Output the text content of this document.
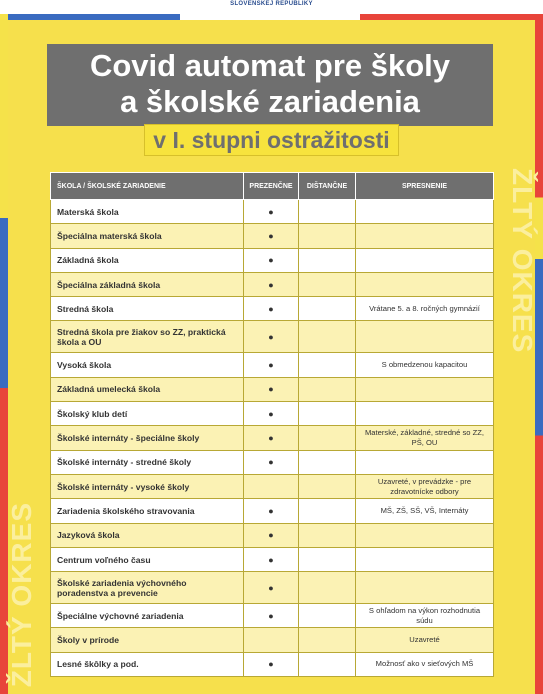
SLOVENSKEJ REPUBLIKY
Covid automat pre školy
a školské zariadenia
v I. stupni ostražitosti
ŽLTÝ OKRES
ŽLTÝ OKRES
ŠKOLA / ŠKOLSKÉ ZARIADENIE	PREZENČNE	DIŠTANČNE	SPRESNENIE
Materská škola	●		
Špeciálna materská škola	●		
Základná škola	●		
Špeciálna základná škola	●		
Stredná škola	●		Vrátane 5. a 8. ročných gymnázií
Stredná škola pre žiakov so ZZ, praktická škola a OU	●		
Vysoká škola	●		S obmedzenou kapacitou
Základná umelecká škola	●		
Školský klub detí	●		
Školské internáty - špeciálne školy	●		Materské, základné, stredné so ZZ, PŠ, OU
Školské internáty - stredné školy	●		
Školské internáty - vysoké školy			Uzavreté, v prevádzke - pre zdravotnícke odbory
Zariadenia školského stravovania	●		MŠ, ZŠ, SŠ, VŠ, Internáty
Jazyková škola	●		
Centrum voľného času	●		
Školské zariadenia výchovného poradenstva a prevencie	●		
Špeciálne výchovné zariadenia	●		S ohľadom na výkon rozhodnutia súdu
Školy v prírode			Uzavreté
Lesné škôlky a pod.	●		Možnosť ako v sieťových MŠ
